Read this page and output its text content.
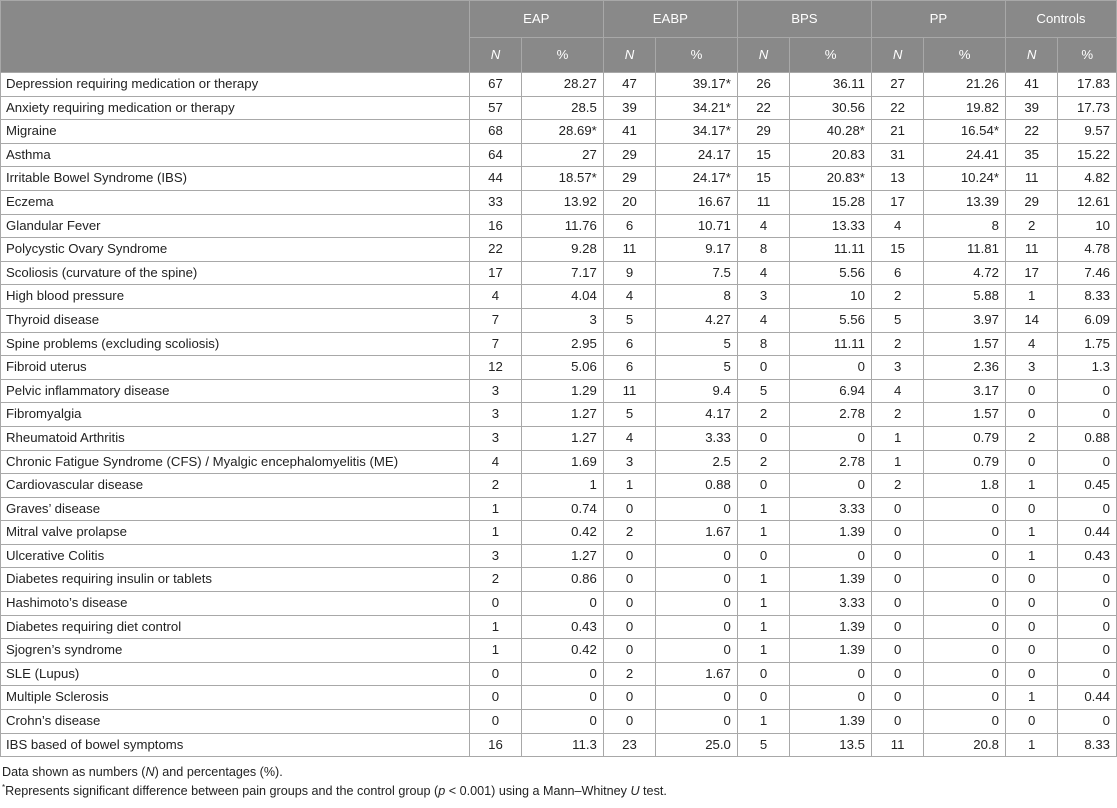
	EAP		EABP		BPS		PP		Controls	
	N	%	N	%	N	%	N	%	N	%
Depression requiring medication or therapy	67	28.27	47	39.17*	26	36.11	27	21.26	41	17.83
Anxiety requiring medication or therapy	57	28.5	39	34.21*	22	30.56	22	19.82	39	17.73
Migraine	68	28.69*	41	34.17*	29	40.28*	21	16.54*	22	9.57
Asthma	64	27	29	24.17	15	20.83	31	24.41	35	15.22
Irritable Bowel Syndrome (IBS)	44	18.57*	29	24.17*	15	20.83*	13	10.24*	11	4.82
Eczema	33	13.92	20	16.67	11	15.28	17	13.39	29	12.61
Glandular Fever	16	11.76	6	10.71	4	13.33	4	8	2	10
Polycystic Ovary Syndrome	22	9.28	11	9.17	8	11.11	15	11.81	11	4.78
Scoliosis (curvature of the spine)	17	7.17	9	7.5	4	5.56	6	4.72	17	7.46
High blood pressure	4	4.04	4	8	3	10	2	5.88	1	8.33
Thyroid disease	7	3	5	4.27	4	5.56	5	3.97	14	6.09
Spine problems (excluding scoliosis)	7	2.95	6	5	8	11.11	2	1.57	4	1.75
Fibroid uterus	12	5.06	6	5	0	0	3	2.36	3	1.3
Pelvic inflammatory disease	3	1.29	11	9.4	5	6.94	4	3.17	0	0
Fibromyalgia	3	1.27	5	4.17	2	2.78	2	1.57	0	0
Rheumatoid Arthritis	3	1.27	4	3.33	0	0	1	0.79	2	0.88
Chronic Fatigue Syndrome (CFS) / Myalgic encephalomyelitis (ME)	4	1.69	3	2.5	2	2.78	1	0.79	0	0
Cardiovascular disease	2	1	1	0.88	0	0	2	1.8	1	0.45
Graves’ disease	1	0.74	0	0	1	3.33	0	0	0	0
Mitral valve prolapse	1	0.42	2	1.67	1	1.39	0	0	1	0.44
Ulcerative Colitis	3	1.27	0	0	0	0	0	0	1	0.43
Diabetes requiring insulin or tablets	2	0.86	0	0	1	1.39	0	0	0	0
Hashimoto’s disease	0	0	0	0	1	3.33	0	0	0	0
Diabetes requiring diet control	1	0.43	0	0	1	1.39	0	0	0	0
Sjogren’s syndrome	1	0.42	0	0	1	1.39	0	0	0	0
SLE (Lupus)	0	0	2	1.67	0	0	0	0	0	0
Multiple Sclerosis	0	0	0	0	0	0	0	0	1	0.44
Crohn’s disease	0	0	0	0	1	1.39	0	0	0	0
IBS based of bowel symptoms	16	11.3	23	25.0	5	13.5	11	20.8	1	8.33

Data shown as numbers (N) and percentages (%).

*Represents significant difference between pain groups and the control group (p < 0.001) using a Mann–Whitney U test.
